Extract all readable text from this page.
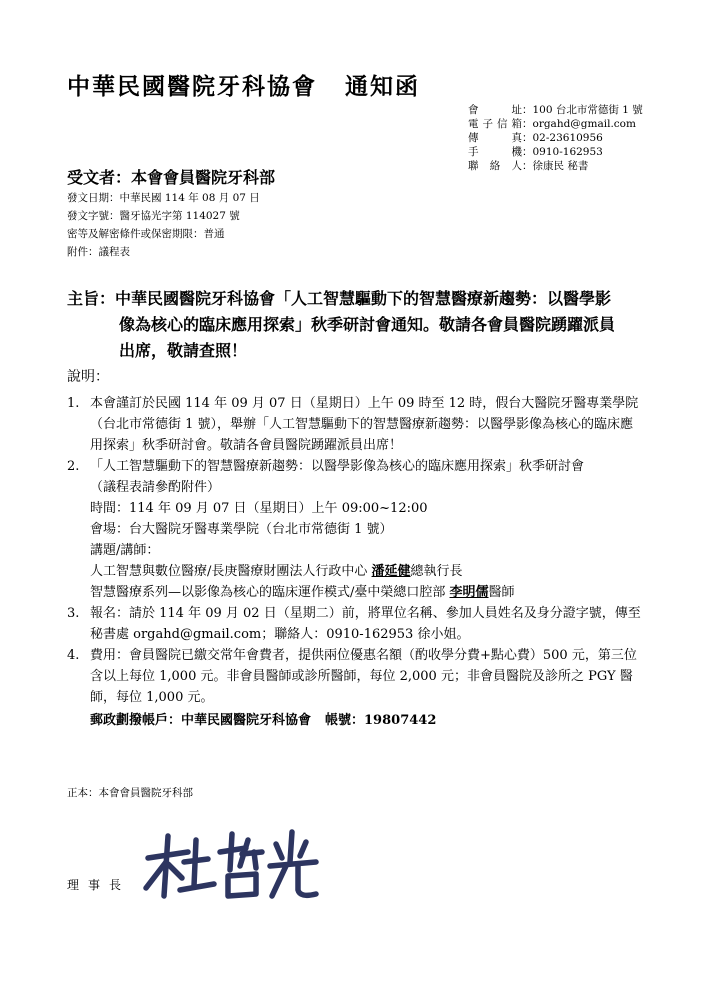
中華民國醫院牙科協會 通知函
會	址 ： 100 台北市常德街 1 號
電 子 信 箱 ： orgahd@gmail.com
傳	真 ： 02-23610956
手	機 ： 0910-162953
聯 絡 人 ： 徐康民 秘書
受文者：本會會員醫院牙科部
發文日期：中華民國 114 年 08 月 07 日
發文字號：醫牙協光字第 114027 號
密等及解密條件或保密期限：普通
附件：議程表
主旨：中華民國醫院牙科協會「人工智慧驅動下的智慧醫療新趨勢：以醫學影
像為核心的臨床應用探索」秋季研討會通知。敬請各會員醫院踴躍派員
出席，敬請查照！
說明：
1. 本會謹訂於民國 114 年 09 月 07 日（星期日）上午 09 時至 12 時，假台大醫院牙醫專業學院（台北市常德街 1 號），舉辦「人工智慧驅動下的智慧醫療新趨勢：以醫學影像為核心的臨床應用探索」秋季研討會。敬請各會員醫院踴躍派員出席！
2. 「人工智慧驅動下的智慧醫療新趨勢：以醫學影像為核心的臨床應用探索」秋季研討會
（議程表請參酌附件）
時間：114 年 09 月 07 日（星期日）上午 09:00~12:00
會場：台大醫院牙醫專業學院（台北市常德街 1 號）
講題/講師：
人工智慧與數位醫療/長庚醫療財團法人行政中心 潘延健總執行長
智慧醫療系列—以影像為核心的臨床運作模式/臺中榮總口腔部 李明儒醫師
3. 報名：請於 114 年 09 月 02 日（星期二）前，將單位名稱、參加人員姓名及身分證字號，傳至秘書處 orgahd@gmail.com；聯絡人：0910-162953 徐小姐。
4. 費用：會員醫院已繳交常年會費者，提供兩位優惠名額（酌收學分費+點心費）500 元，第三位含以上每位 1,000 元。非會員醫師或診所醫師，每位 2,000 元；非會員醫院及診所之 PGY 醫師，每位 1,000 元。
郵政劃撥帳戶：中華民國醫院牙科協會 帳號：19807442
正本：本會會員醫院牙科部
理事長
